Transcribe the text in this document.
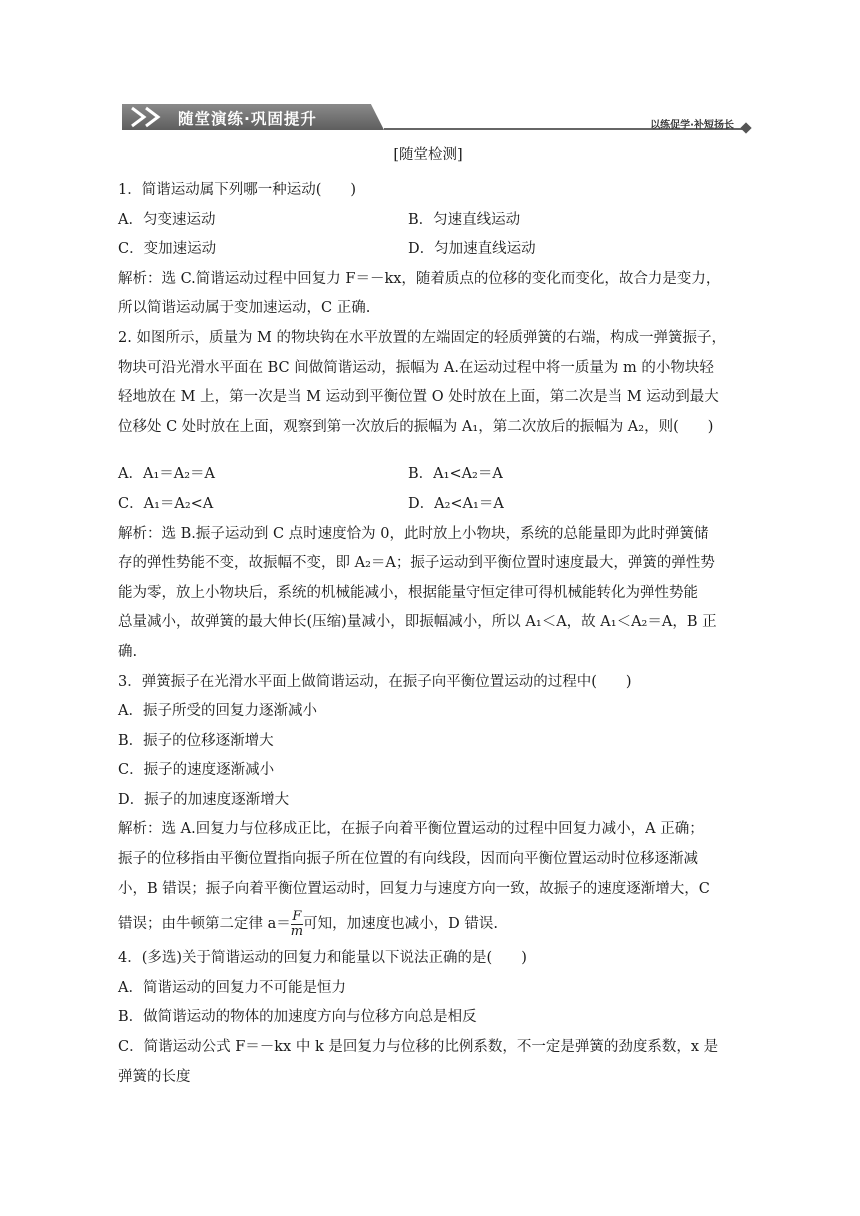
随堂演练·巩固提升	以练促学·补短扬长
[随堂检测]
1．简谐运动属下列哪一种运动(　　)
A．匀变速运动	B．匀速直线运动
C．变加速运动	D．匀加速直线运动
解析：选 C.简谐运动过程中回复力 F＝－kx，随着质点的位移的变化而变化，故合力是变力，
所以简谐运动属于变加速运动，C 正确.
2. 如图所示，质量为 M 的物块钩在水平放置的左端固定的轻质弹簧的右端，构成一弹簧振子，
物块可沿光滑水平面在 BC 间做简谐运动，振幅为 A.在运动过程中将一质量为 m 的小物块轻
轻地放在 M 上，第一次是当 M 运动到平衡位置 O 处时放在上面，第二次是当 M 运动到最大
位移处 C 处时放在上面，观察到第一次放后的振幅为 A₁，第二次放后的振幅为 A₂，则(　　)
A．A₁＝A₂＝A	B．A₁<A₂＝A
C．A₁＝A₂<A	D．A₂<A₁＝A
解析：选 B.振子运动到 C 点时速度恰为 0，此时放上小物块，系统的总能量即为此时弹簧储
存的弹性势能不变，故振幅不变，即 A₂＝A；振子运动到平衡位置时速度最大，弹簧的弹性势
能为零，放上小物块后，系统的机械能减小，根据能量守恒定律可得机械能转化为弹性势能
总量减小，故弹簧的最大伸长(压缩)量减小，即振幅减小，所以 A₁＜A，故 A₁＜A₂＝A，B 正
确.
3．弹簧振子在光滑水平面上做简谐运动，在振子向平衡位置运动的过程中(　　)
A．振子所受的回复力逐渐减小
B．振子的位移逐渐增大
C．振子的速度逐渐减小
D．振子的加速度逐渐增大
解析：选 A.回复力与位移成正比，在振子向着平衡位置运动的过程中回复力减小，A 正确；
振子的位移指由平衡位置指向振子所在位置的有向线段，因而向平衡位置运动时位移逐渐减
小，B 错误；振子向着平衡位置运动时，回复力与速度方向一致，故振子的速度逐渐增大，C
错误；由牛顿第二定律 $a= \frac{F}{m}$ 可知，加速度也减小，D 错误.
4．(多选)关于简谐运动的回复力和能量以下说法正确的是(　　)
A．简谐运动的回复力不可能是恒力
B．做简谐运动的物体的加速度方向与位移方向总是相反
C．简谐运动公式 F＝－kx 中 k 是回复力与位移的比例系数，不一定是弹簧的劲度系数，x 是
弹簧的长度
